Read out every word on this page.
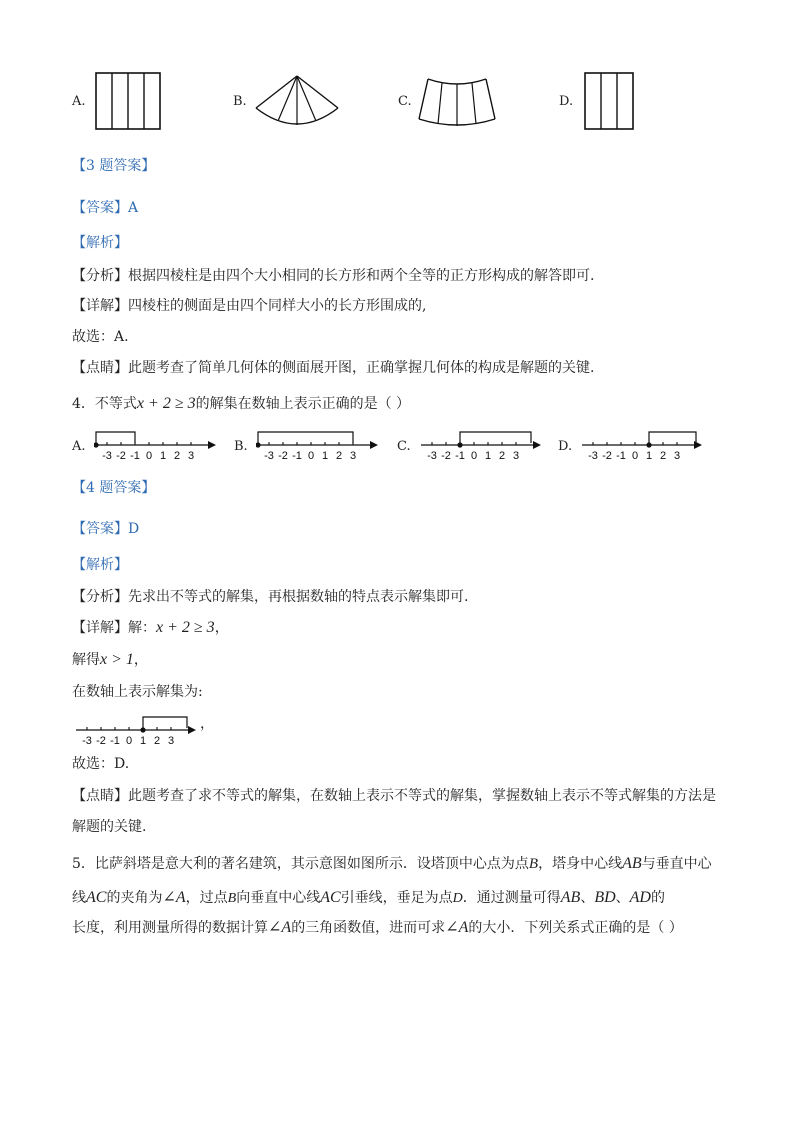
A.	B.	C.	D.
【3 题答案】
【答案】A
【解析】
【分析】根据四棱柱是由四个大小相同的长方形和两个全等的正方形构成的解答即可.
【详解】四棱柱的侧面是由四个同样大小的长方形围成的,
故选：A.
【点睛】此题考查了简单几何体的侧面展开图，正确掌握几何体的构成是解题的关键.
4．不等式x + 2 ≥ 3的解集在数轴上表示正确的是（ ）
A.
-3 -2 -1 0 1 2 3
B.
-3 -2 -1 0 1 2 3
C.
-3 -2 -1 0 1 2 3
D.
-3 -2 -1 0 1 2 3
【4 题答案】
【答案】D
【解析】
【分析】先求出不等式的解集，再根据数轴的特点表示解集即可.
【详解】解：x + 2 ≥ 3，
解得x > 1，
在数轴上表示解集为:
-3 -2 -1 0 1 2 3
，
故选：D.
【点睛】此题考查了求不等式的解集，在数轴上表示不等式的解集，掌握数轴上表示不等式解集的方法是
解题的关键.
5．比萨斜塔是意大利的著名建筑，其示意图如图所示．设塔顶中心点为点B，塔身中心线AB与垂直中心
线AC的夹角为∠A，过点B向垂直中心线AC引垂线，垂足为点D．通过测量可得AB、BD、AD的
长度，利用测量所得的数据计算∠A的三角函数值，进而可求∠A的大小．下列关系式正确的是（ ）
